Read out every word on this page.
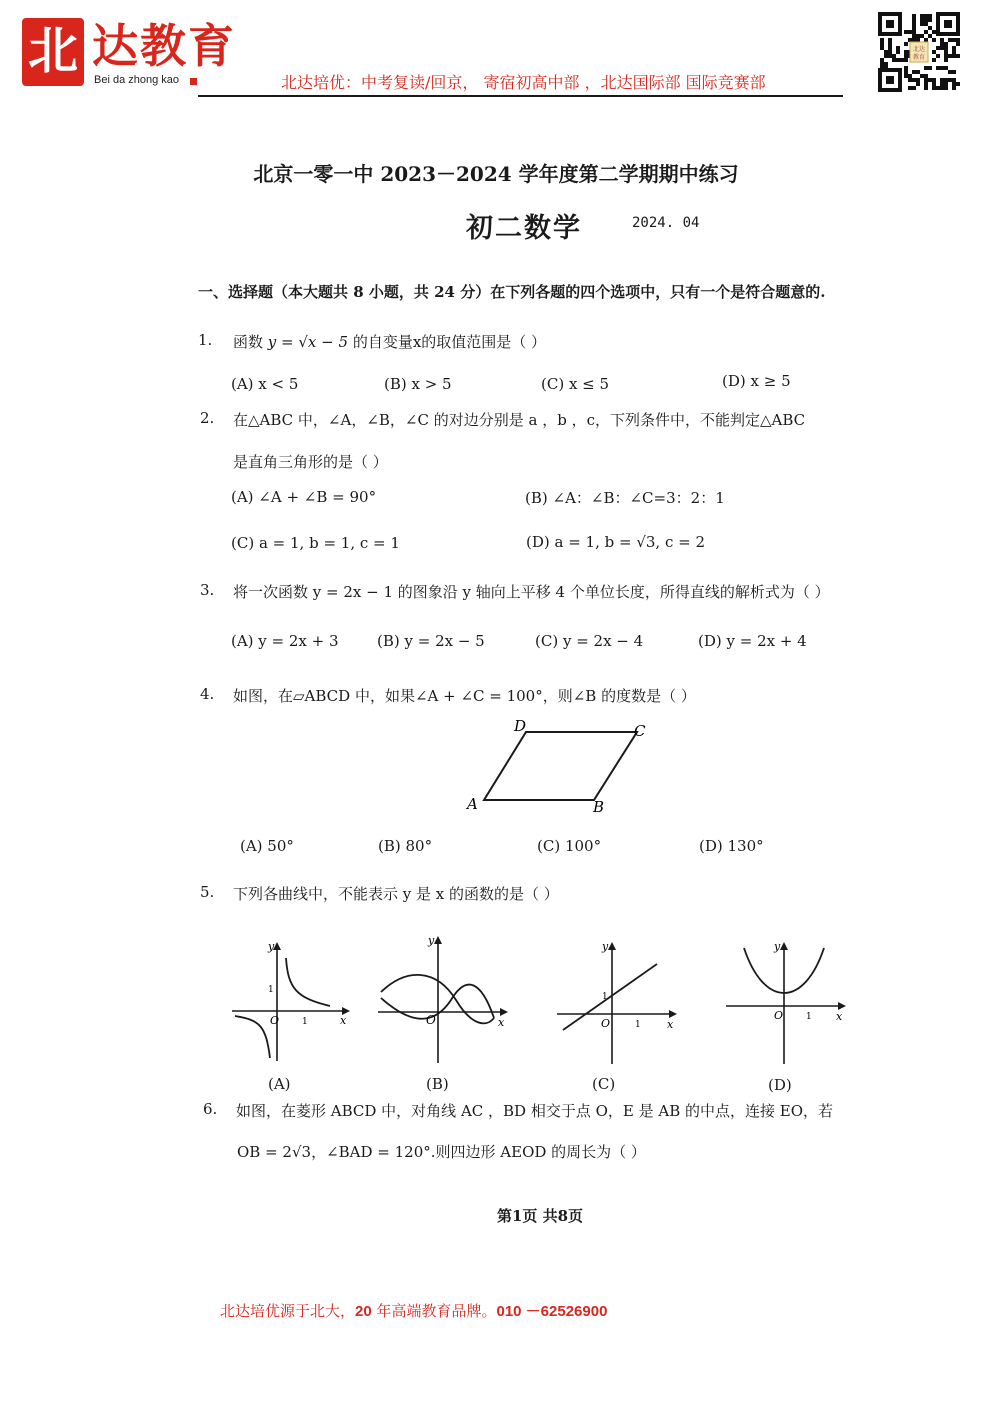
北 达教育
Bei da zhong kao	北达培优：中考复读/回京， 寄宿初高中部 ，北达国际部 国际竞赛部
北达
教育
北京一零一中 2023－2024 学年度第二学期期中练习
初二数学	2024. 04
一、选择题（本大题共 8 小题，共 24 分）在下列各题的四个选项中，只有一个是符合题意的.
1. 函数 y = √x − 5 的自变量x的取值范围是（ ）
(A) x < 5	(B) x > 5	(C) x ≤ 5	(D) x ≥ 5
2. 在△ABC 中，∠A，∠B，∠C 的对边分别是 a ，b ，c，下列条件中，不能判定△ABC
是直角三角形的是（ ）
(A) ∠A + ∠B = 90°	(B) ∠A：∠B：∠C=3：2：1
(C) a = 1, b = 1, c = 1	(D) a = 1, b = √3, c = 2
3. 将一次函数 y = 2x − 1 的图象沿 y 轴向上平移 4 个单位长度，所得直线的解析式为（ ）
(A) y = 2x + 3	(B) y = 2x − 5	(C) y = 2x − 4	(D) y = 2x + 4
4. 如图，在▱ABCD 中，如果∠A + ∠C = 100°，则∠B 的度数是（ ）
D	C
A	B
(A) 50°	(B) 80°	(C) 100°	(D) 130°
5. 下列各曲线中，不能表示 y 是 x 的函数的是（ ）
y
x
O
1
1
y
x
O
y
x
O
1
1
y
x
O	1
(A)	(B)	(C)	(D)
6. 如图，在菱形 ABCD 中，对角线 AC ，BD 相交于点 O，E 是 AB 的中点，连接 EO，若
OB = 2√3，∠BAD = 120°.则四边形 AEOD 的周长为（ ）
第1页 共8页
北达培优源于北大，20 年高端教育品牌。010 －62526900
